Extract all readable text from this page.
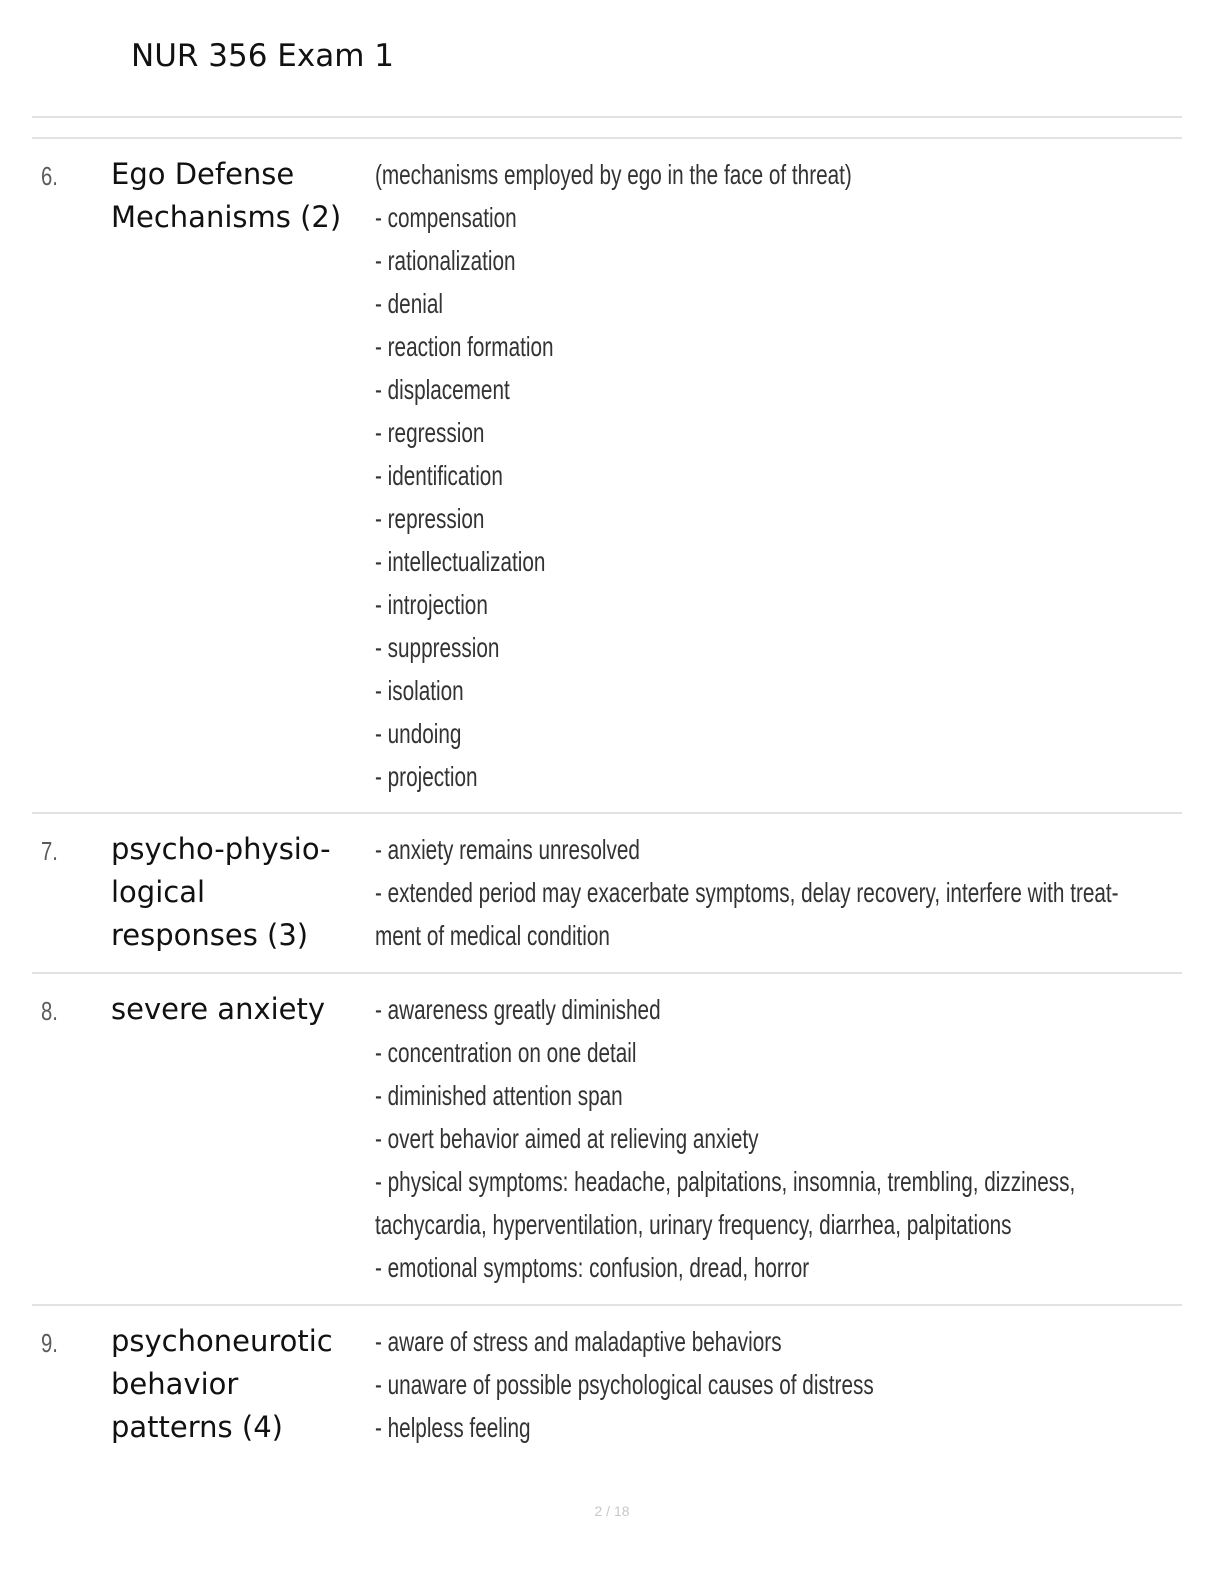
NUR 356 Exam 1
6. Ego Defense
Mechanisms (2)
(mechanisms employed by ego in the face of threat)
- compensation
- rationalization
- denial
- reaction formation
- displacement
- regression
- identification
- repression
- intellectualization
- introjection
- suppression
- isolation
- undoing
- projection
7. psycho-physio-
logical
responses (3)
- anxiety remains unresolved
- extended period may exacerbate symptoms, delay recovery, interfere with treat-
ment of medical condition
8. severe anxiety	- awareness greatly diminished
- concentration on one detail
- diminished attention span
- overt behavior aimed at relieving anxiety
- physical symptoms: headache, palpitations, insomnia, trembling, dizziness,
tachycardia, hyperventilation, urinary frequency, diarrhea, palpitations
- emotional symptoms: confusion, dread, horror
9. psychoneurotic
behavior
patterns (4)
- aware of stress and maladaptive behaviors
- unaware of possible psychological causes of distress
- helpless feeling
2 / 18
